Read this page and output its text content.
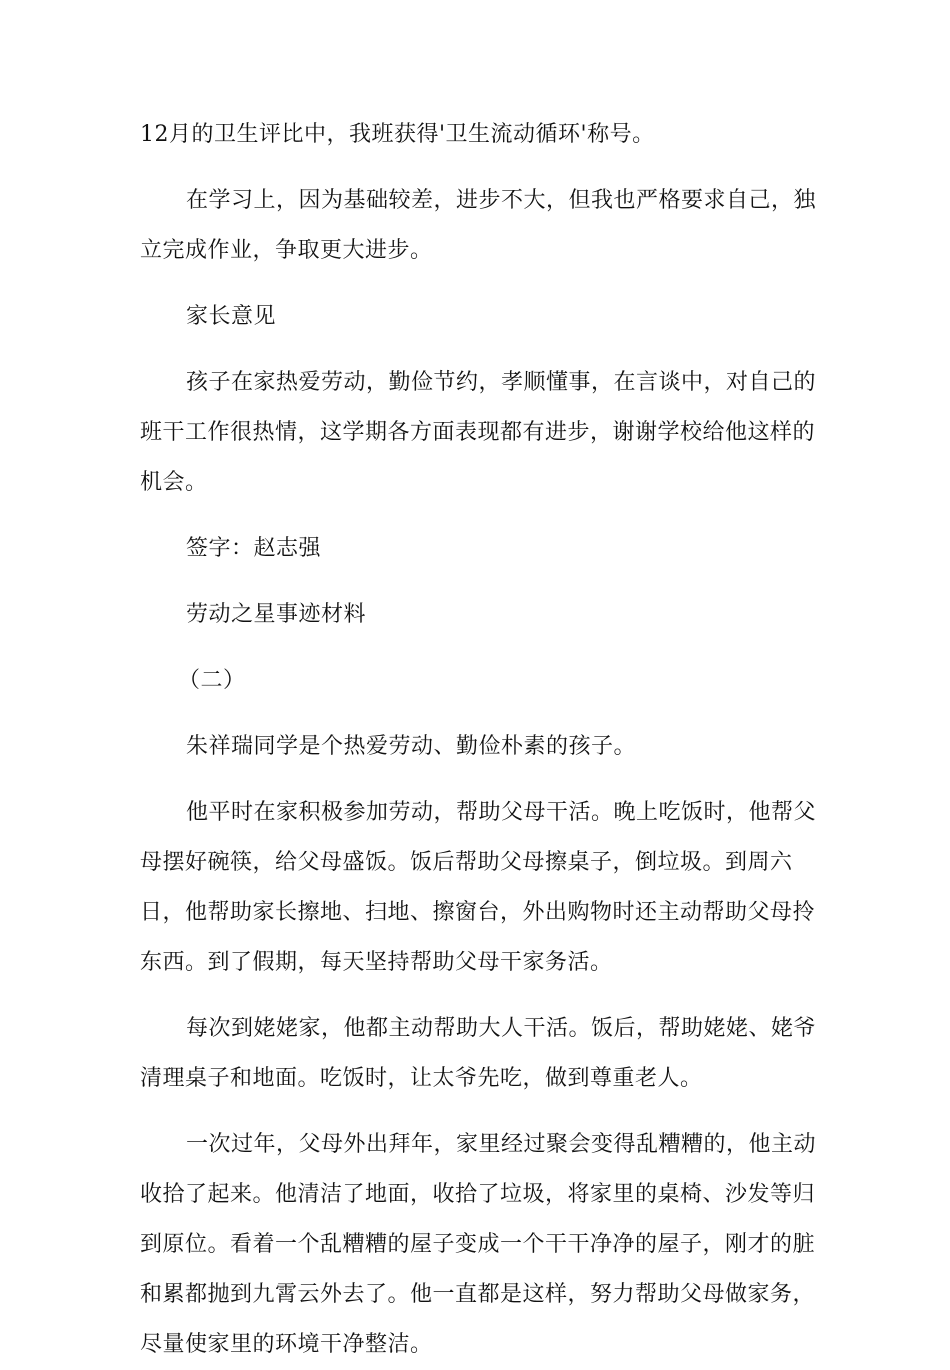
12月的卫生评比中，我班获得'卫生流动循环'称号。

在学习上，因为基础较差，进步不大，但我也严格要求自己，独立完成作业，争取更大进步。

家长意见

孩子在家热爱劳动，勤俭节约，孝顺懂事，在言谈中，对自己的班干工作很热情，这学期各方面表现都有进步，谢谢学校给他这样的机会。

签字：赵志强

劳动之星事迹材料

（二）

朱祥瑞同学是个热爱劳动、勤俭朴素的孩子。

他平时在家积极参加劳动，帮助父母干活。晚上吃饭时，他帮父母摆好碗筷，给父母盛饭。饭后帮助父母擦桌子，倒垃圾。到周六日，他帮助家长擦地、扫地、擦窗台，外出购物时还主动帮助父母拎东西。到了假期，每天坚持帮助父母干家务活。

每次到姥姥家，他都主动帮助大人干活。饭后，帮助姥姥、姥爷清理桌子和地面。吃饭时，让太爷先吃，做到尊重老人。

一次过年，父母外出拜年，家里经过聚会变得乱糟糟的，他主动收拾了起来。他清洁了地面，收拾了垃圾，将家里的桌椅、沙发等归到原位。看着一个乱糟糟的屋子变成一个干干净净的屋子，刚才的脏和累都抛到九霄云外去了。他一直都是这样，努力帮助父母做家务，尽量使家里的环境干净整洁。
